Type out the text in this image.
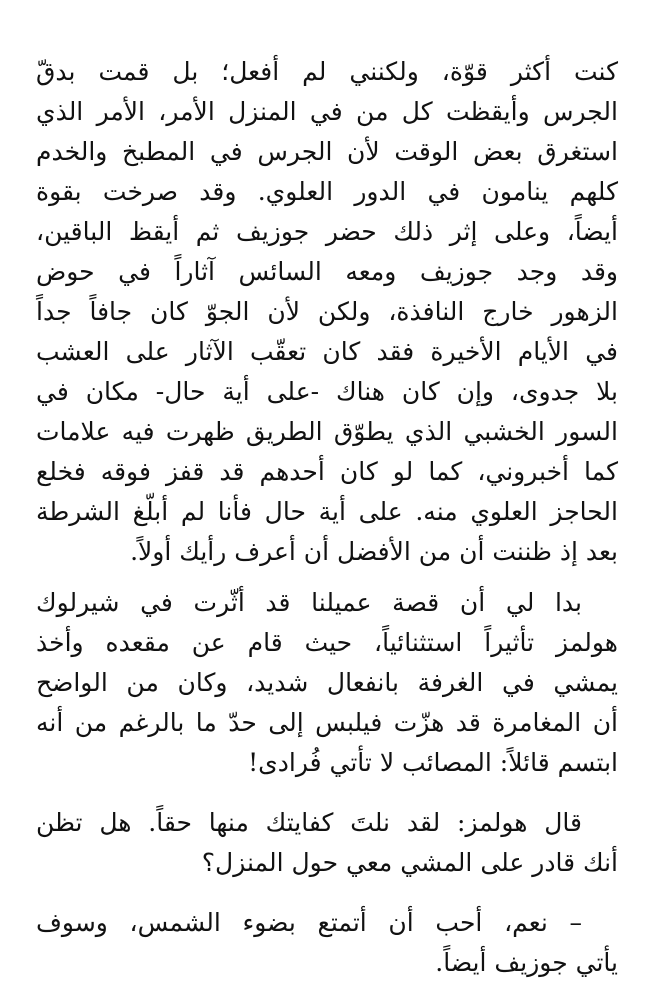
كنت أكثر قوّة، ولكنني لم أفعل؛ بل قمت بدقّ
الجرس وأيقظت كل من في المنزل الأمر، الأمر الذي
استغرق بعض الوقت لأن الجرس في المطبخ والخدم
كلهم ينامون في الدور العلوي. وقد صرخت بقوة
أيضاً، وعلى إثر ذلك حضر جوزيف ثم أيقظ الباقين،
وقد وجد جوزيف ومعه السائس آثاراً في حوض
الزهور خارج النافذة، ولكن لأن الجوّ كان جافاً جداً
في الأيام الأخيرة فقد كان تعقّب الآثار على العشب
بلا جدوى، وإن كان هناك -على أية حال- مكان في
السور الخشبي الذي يطوّق الطريق ظهرت فيه علامات
كما أخبروني، كما لو كان أحدهم قد قفز فوقه فخلع
الحاجز العلوي منه. على أية حال فأنا لم أبلّغ الشرطة
بعد إذ ظننت أن من الأفضل أن أعرف رأيك أولاً.
بدا لي أن قصة عميلنا قد أثّرت في شيرلوك
هولمز تأثيراً استثنائياً، حيث قام عن مقعده وأخذ
يمشي في الغرفة بانفعال شديد، وكان من الواضح
أن المغامرة قد هزّت فيلبس إلى حدّ ما بالرغم من أنه
ابتسم قائلاً: المصائب لا تأتي فُرادى!
قال هولمز: لقد نلتَ كفايتك منها حقاً. هل تظن
أنك قادر على المشي معي حول المنزل؟
– نعم، أحب أن أتمتع بضوء الشمس، وسوف
يأتي جوزيف أيضاً.
